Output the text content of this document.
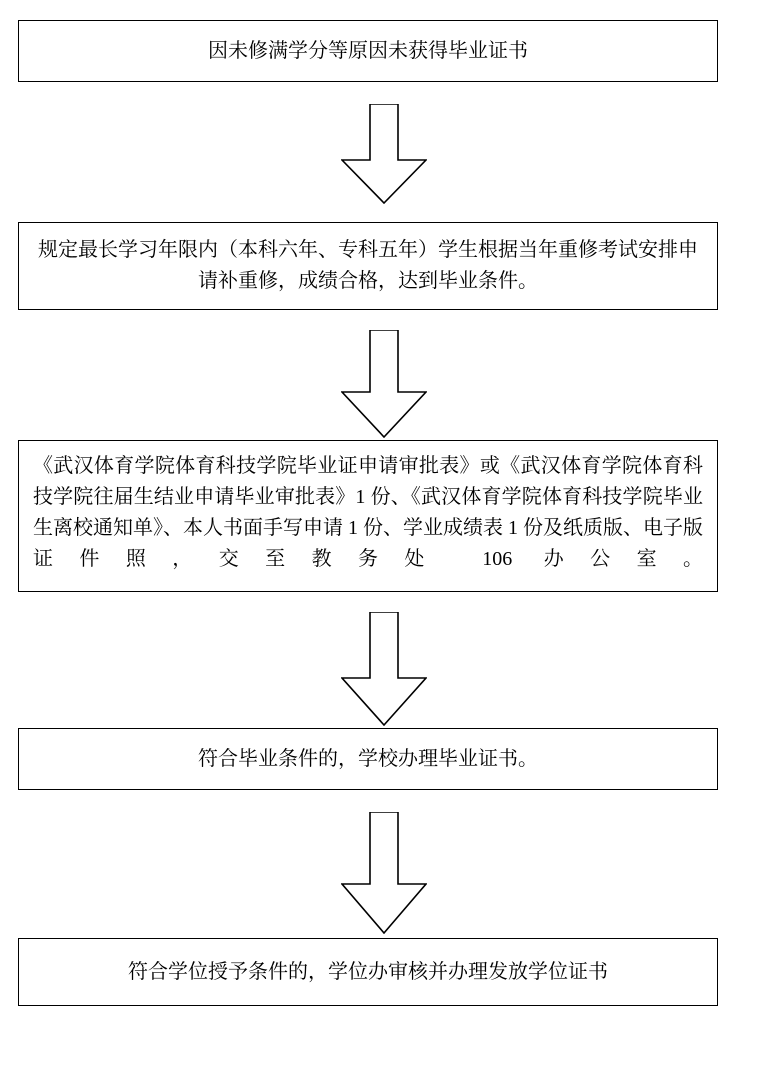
因未修满学分等原因未获得毕业证书
规定最长学习年限内（本科六年、专科五年）学生根据当年重修考试安排申请补重修，成绩合格，达到毕业条件。
《武汉体育学院体育科技学院毕业证申请审批表》或《武汉体育学院体育科技学院往届生结业申请毕业审批表》1 份、《武汉体育学院体育科技学院毕业生离校通知单》、本人书面手写申请 1 份、学业成绩表 1 份及纸质版、电子版证件照，交至教务处 106 办公室。
符合毕业条件的，学校办理毕业证书。
符合学位授予条件的，学位办审核并办理发放学位证书
